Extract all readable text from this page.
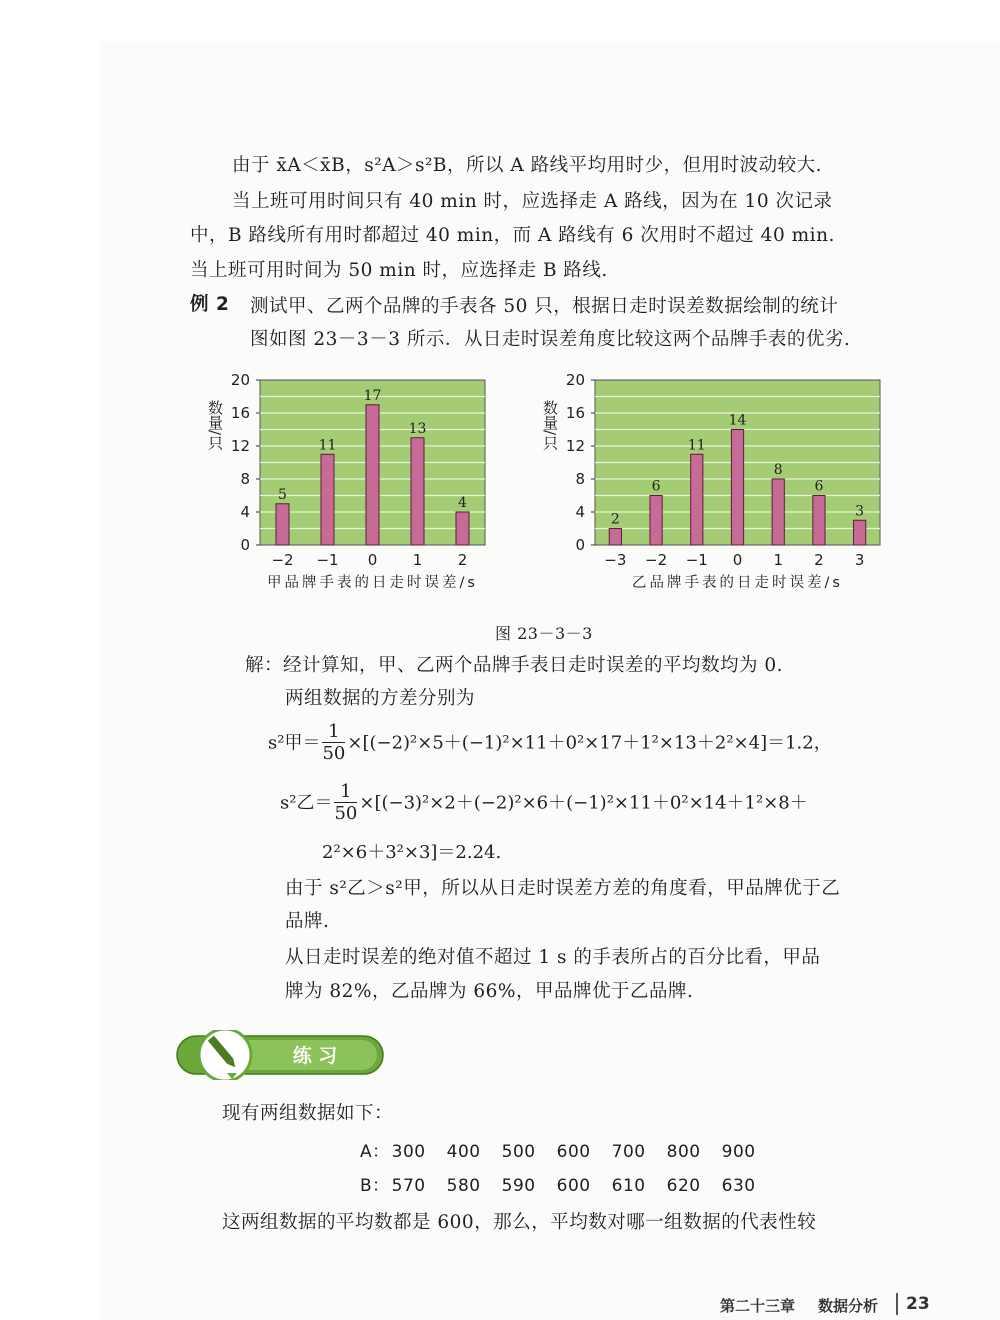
由于 x̄A＜x̄B，s²A＞s²B，所以 A 路线平均用时少，但用时波动较大.
当上班可用时间只有 40 min 时，应选择走 A 路线，因为在 10 次记录
中，B 路线所有用时都超过 40 min，而 A 路线有 6 次用时不超过 40 min.
当上班可用时间为 50 min 时，应选择走 B 路线.
例 2 测试甲、乙两个品牌的手表各 50 只，根据日走时误差数据绘制的统计
图如图 23－3－3 所示．从日走时误差角度比较这两个品牌手表的优劣.
0
4
8
12
16
20
数量/只
5
−2
11
−1
17
0
13
1
4
2
甲品牌手表的日走时误差/s
0
4
8
12
16
20
数量/只
2
−3
6
−2
11
−1
14
0
8
1
6
2
3
3
乙品牌手表的日走时误差/s
图 23－3－3
解：经计算知，甲、乙两个品牌手表日走时误差的平均数均为 0.
两组数据的方差分别为
s²甲＝ $\frac{1}{50} \times[(-2)^2\times 5+(-1)^2\times 11+0^2\times 17+1^2\times 13+2^2\times 4]=1.2$，
s²乙＝ $\frac{1}{50} \times[(-3)^2\times 2+(-2)^2\times 6+(-1)^2\times 11+0^2\times 14+1^2\times 8+$
2²×6＋3²×3]＝2.24.
由于 s²乙＞s²甲，所以从日走时误差方差的角度看，甲品牌优于乙
品牌.
从日走时误差的绝对值不超过 1 s 的手表所占的百分比看，甲品
牌为 82%，乙品牌为 66%，甲品牌优于乙品牌.
练 习
现有两组数据如下：
A： 300 400 500 600 700 800 900
B： 570 580 590 600 610 620 630
这两组数据的平均数都是 600，那么，平均数对哪一组数据的代表性较
第二十三章 数据分析 23
